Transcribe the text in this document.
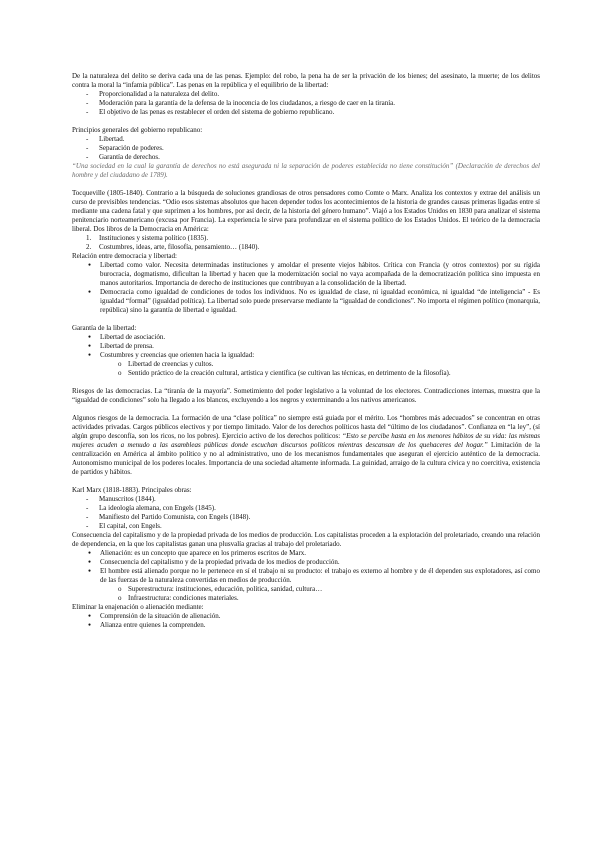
De la naturaleza del delito se deriva cada una de las penas. Ejemplo: del robo, la pena ha de ser la privación de los bienes; del asesinato, la muerte; de los delitos contra la moral la “infamia pública”. Las penas en la república y el equilibrio de la libertad:

- Proporcionalidad a la naturaleza del delito.
- Moderación para la garantía de la defensa de la inocencia de los ciudadanos, a riesgo de caer en la tiranía.
- El objetivo de las penas es restablecer el orden del sistema de gobierno republicano.

Principios generales del gobierno republicano:

- Libertad.
- Separación de poderes.
- Garantía de derechos.

“Una sociedad en la cual la garantía de derechos no está asegurada ni la separación de poderes establecida no tiene constitución” (Declaración de derechos del hombre y del ciudadano de 1789).

Tocqueville (1805-1840). Contrario a la búsqueda de soluciones grandiosas de otros pensadores como Comte o Marx. Analiza los contextos y extrae del análisis un curso de previsibles tendencias. “Odio esos sistemas absolutos que hacen depender todos los acontecimientos de la historia de grandes causas primeras ligadas entre sí mediante una cadena fatal y que suprimen a los hombres, por así decir, de la historia del género humano”. Viajó a los Estados Unidos en 1830 para analizar el sistema penitenciario norteamericano (excusa por Francia). La experiencia le sirve para profundizar en el sistema político de los Estados Unidos. El teórico de la democracia liberal. Dos libros de la Democracia en América:

1. Instituciones y sistema político (1835).
2. Costumbres, ideas, arte, filosofía, pensamiento… (1840).

Relación entre democracia y libertad:

● Libertad como valor. Necesita determinadas instituciones y amoldar el presente viejos hábitos. Crítica con Francia (y otros contextos) por su rígida burocracia, dogmatismo, dificultan la libertad y hacen que la modernización social no vaya acompañada de la democratización política sino impuesta en manos autoritarios. Importancia de derecho de instituciones que contribuyan a la consolidación de la libertad.
● Democracia como igualdad de condiciones de todos los individuos. No es igualdad de clase, ni igualdad económica, ni igualdad “de inteligencia” - Es igualdad “formal” (igualdad política). La libertad solo puede preservarse mediante la “igualdad de condiciones”. No importa el régimen político (monarquía, república) sino la garantía de libertad e igualdad.

Garantía de la libertad:

● Libertad de asociación.
● Libertad de prensa.
● Costumbres y creencias que orienten hacia la igualdad:
o Libertad de creencias y cultos.
o Sentido práctico de la creación cultural, artística y científica (se cultivan las técnicas, en detrimento de la filosofía).

Riesgos de las democracias. La “tiranía de la mayoría”. Sometimiento del poder legislativo a la voluntad de los electores. Contradicciones internas, muestra que la “igualdad de condiciones” solo ha llegado a los blancos, excluyendo a los negros y exterminando a los nativos americanos.

Algunos riesgos de la democracia. La formación de una “clase política” no siempre está guiada por el mérito. Los “hombres más adecuados” se concentran en otras actividades privadas. Cargos públicos electivos y por tiempo limitado. Valor de los derechos políticos hasta del “último de los ciudadanos”. Confianza en “la ley”, (sí algún grupo desconfía, son los ricos, no los pobres). Ejercicio activo de los derechos políticos: “Esto se percibe hasta en los menores hábitos de su vida: las mismas mujeres acuden a menudo a las asambleas públicas donde escuchan discursos políticos mientras descansan de los quehaceres del hogar.” Limitación de la centralización en América al ámbito político y no al administrativo, uno de los mecanismos fundamentales que aseguran el ejercicio auténtico de la democracia. Autonomismo municipal de los poderes locales. Importancia de una sociedad altamente informada. La guinidad, arraigo de la cultura cívica y no coercitiva, existencia de partidos y hábitos.

Karl Marx (1818-1883). Principales obras:

- Manuscritos (1844).
- La ideología alemana, con Engels (1845).
- Manifiesto del Partido Comunista, con Engels (1848).
- El capital, con Engels.

Consecuencia del capitalismo y de la propiedad privada de los medios de producción. Los capitalistas proceden a la explotación del proletariado, creando una relación de dependencia, en la que los capitalistas ganan una plusvalía gracias al trabajo del proletariado.

● Alienación: es un concepto que aparece en los primeros escritos de Marx.
● Consecuencia del capitalismo y de la propiedad privada de los medios de producción.
● El hombre está alienado porque no le pertenece en sí el trabajo ni su producto: el trabajo es externo al hombre y de él dependen sus explotadores, así como de las fuerzas de la naturaleza convertidas en medios de producción.
o Superestructura: instituciones, educación, política, sanidad, cultura…
o Infraestructura: condiciones materiales.

Eliminar la enajenación o alienación mediante:

● Comprensión de la situación de alienación.
● Alianza entre quienes la comprenden.
